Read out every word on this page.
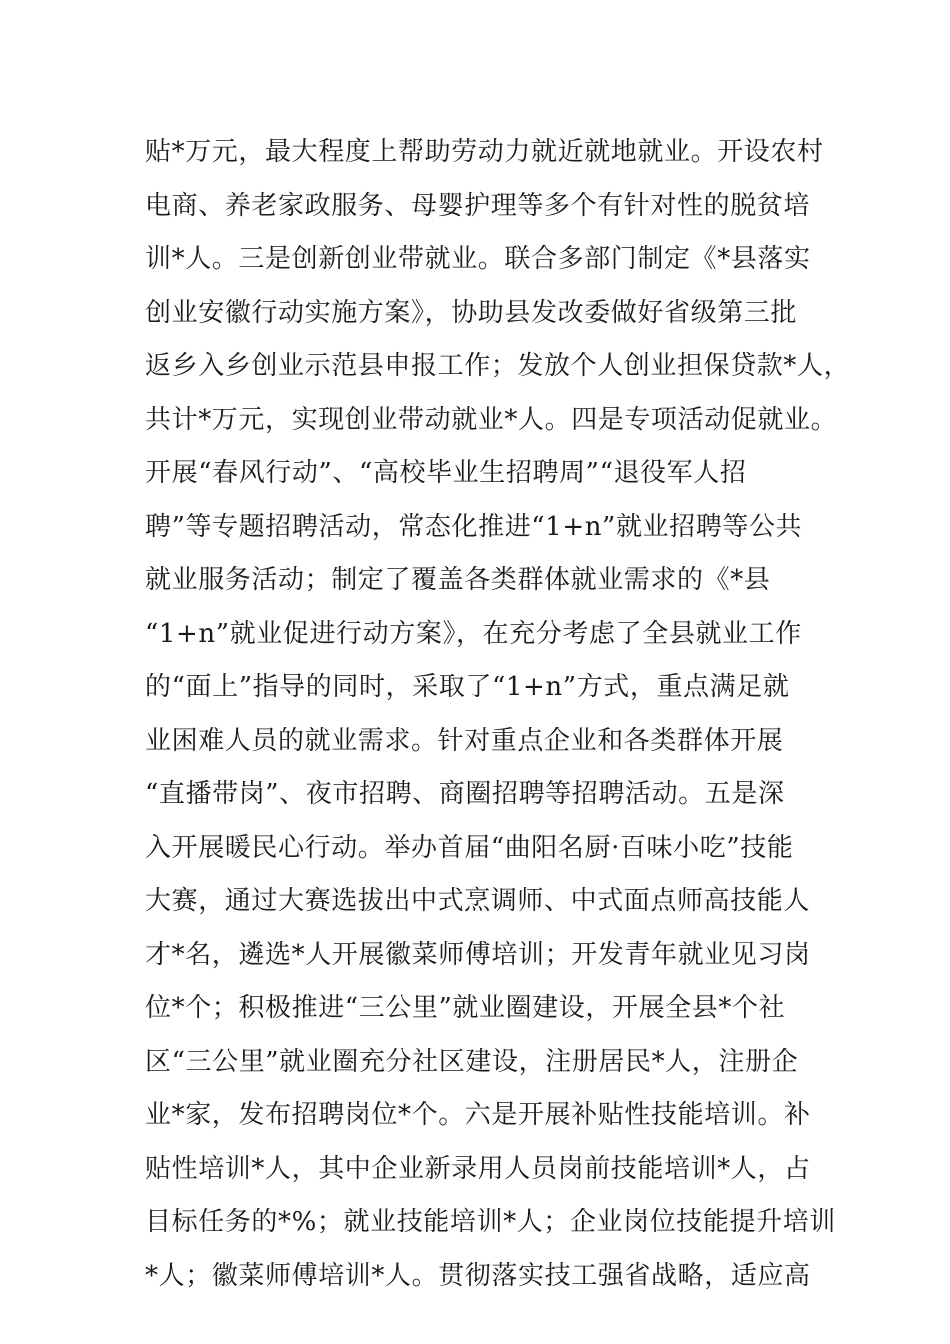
贴*万元，最大程度上帮助劳动力就近就地就业。开设农村
电商、养老家政服务、母婴护理等多个有针对性的脱贫培
训*人。三是创新创业带就业。联合多部门制定《*县落实
创业安徽行动实施方案》，协助县发改委做好省级第三批
返乡入乡创业示范县申报工作；发放个人创业担保贷款*人，
共计*万元，实现创业带动就业*人。四是专项活动促就业。
开展“春风行动”、“高校毕业生招聘周”“退役军人招
聘”等专题招聘活动，常态化推进“1+n”就业招聘等公共
就业服务活动；制定了覆盖各类群体就业需求的《*县
“1+n”就业促进行动方案》，在充分考虑了全县就业工作
的“面上”指导的同时，采取了“1+n”方式，重点满足就
业困难人员的就业需求。针对重点企业和各类群体开展
“直播带岗”、夜市招聘、商圈招聘等招聘活动。五是深
入开展暖民心行动。举办首届“曲阳名厨·百味小吃”技能
大赛，通过大赛选拔出中式烹调师、中式面点师高技能人
才*名，遴选*人开展徽菜师傅培训；开发青年就业见习岗
位*个；积极推进“三公里”就业圈建设，开展全县*个社
区“三公里”就业圈充分社区建设，注册居民*人，注册企
业*家，发布招聘岗位*个。六是开展补贴性技能培训。补
贴性培训*人，其中企业新录用人员岗前技能培训*人，占
目标任务的*%；就业技能培训*人；企业岗位技能提升培训
*人；徽菜师傅培训*人。贯彻落实技工强省战略，适应高
